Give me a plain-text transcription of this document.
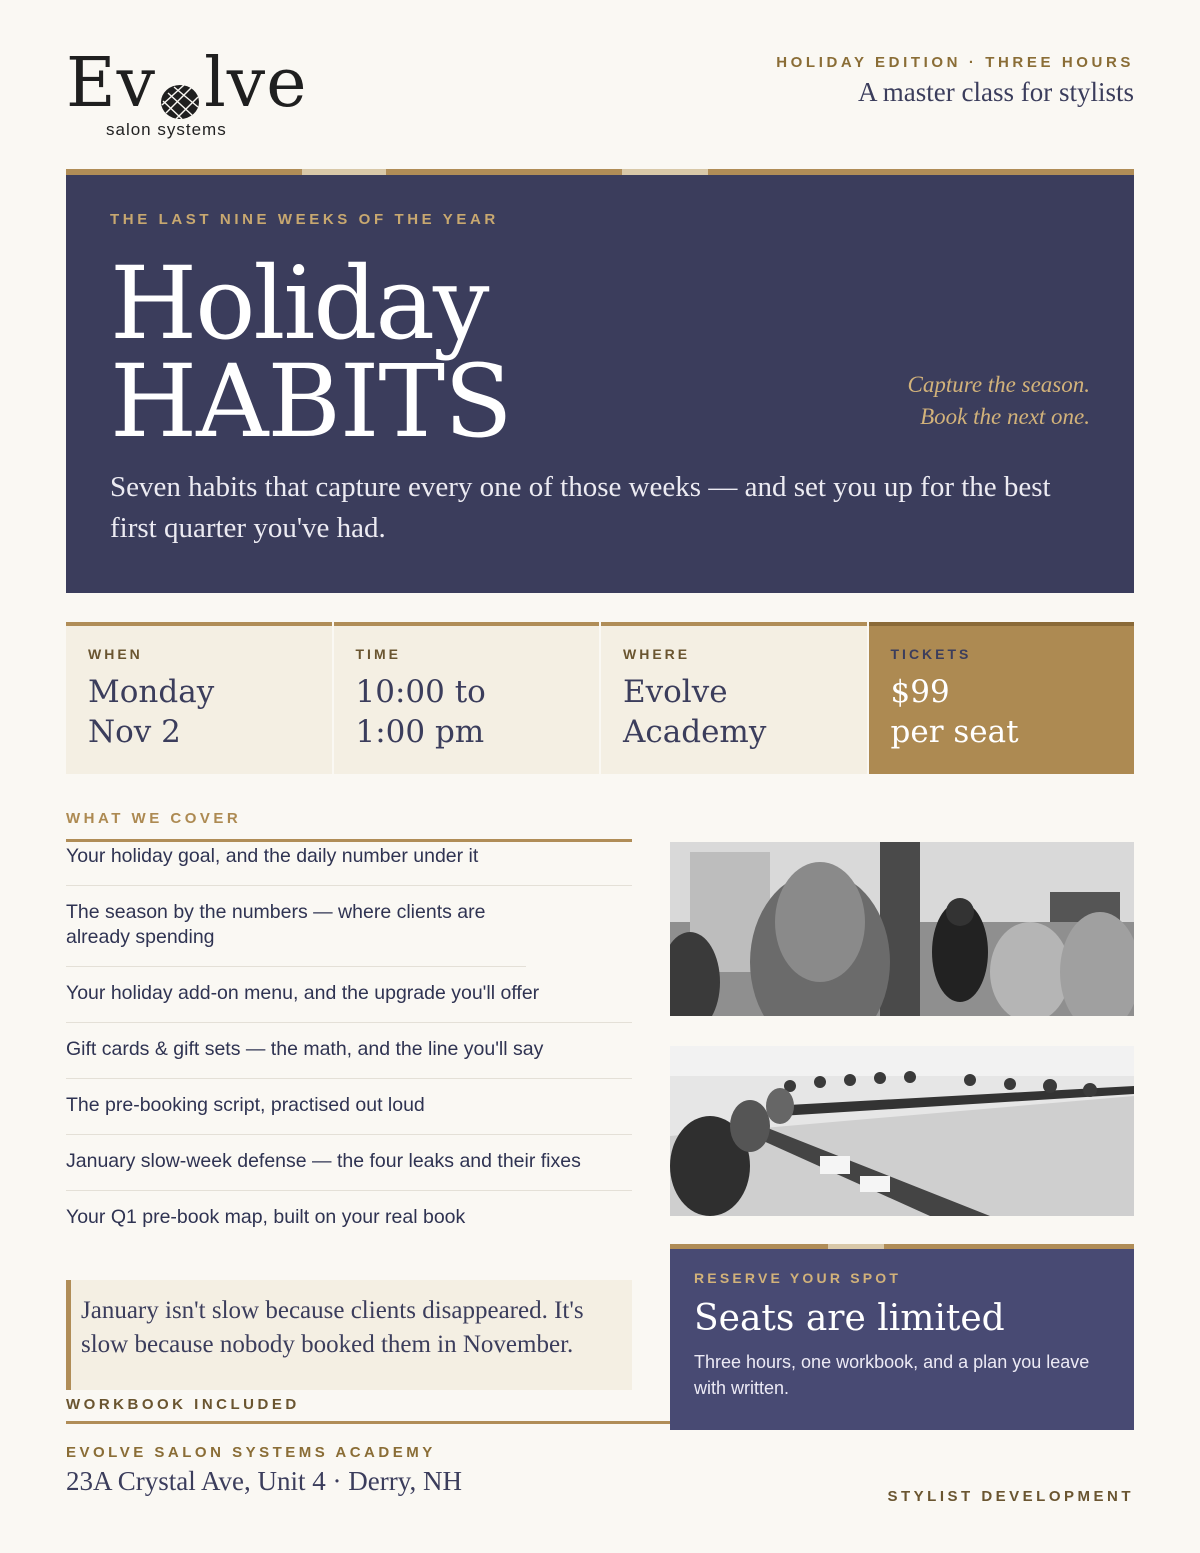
Ev lve
salon systems
HOLIDAY EDITION · THREE HOURS
A master class for stylists
THE LAST NINE WEEKS OF THE YEAR
Holiday
HABITS	Capture the season.
Book the next one.
Seven habits that capture every one of those weeks — and set you up for the best first quarter you've had.
WHEN
Monday
Nov 2
TIME
10:00 to
1:00 pm
WHERE
Evolve
Academy
TICKETS
$99
per seat
WHAT WE COVER
Your holiday goal, and the daily number under it
The season by the numbers — where clients are already spending
Your holiday add-on menu, and the upgrade you'll offer
Gift cards & gift sets — the math, and the line you'll say
The pre-booking script, practised out loud
January slow-week defense — the four leaks and their fixes
Your Q1 pre-book map, built on your real book
January isn't slow because clients disappeared. It's slow because nobody booked them in November.
WORKBOOK INCLUDED
RESERVE YOUR SPOT
Seats are limited
Three hours, one workbook, and a plan you leave with written.
EVOLVE SALON SYSTEMS ACADEMY
23A Crystal Ave, Unit 4 · Derry, NH
STYLIST DEVELOPMENT
